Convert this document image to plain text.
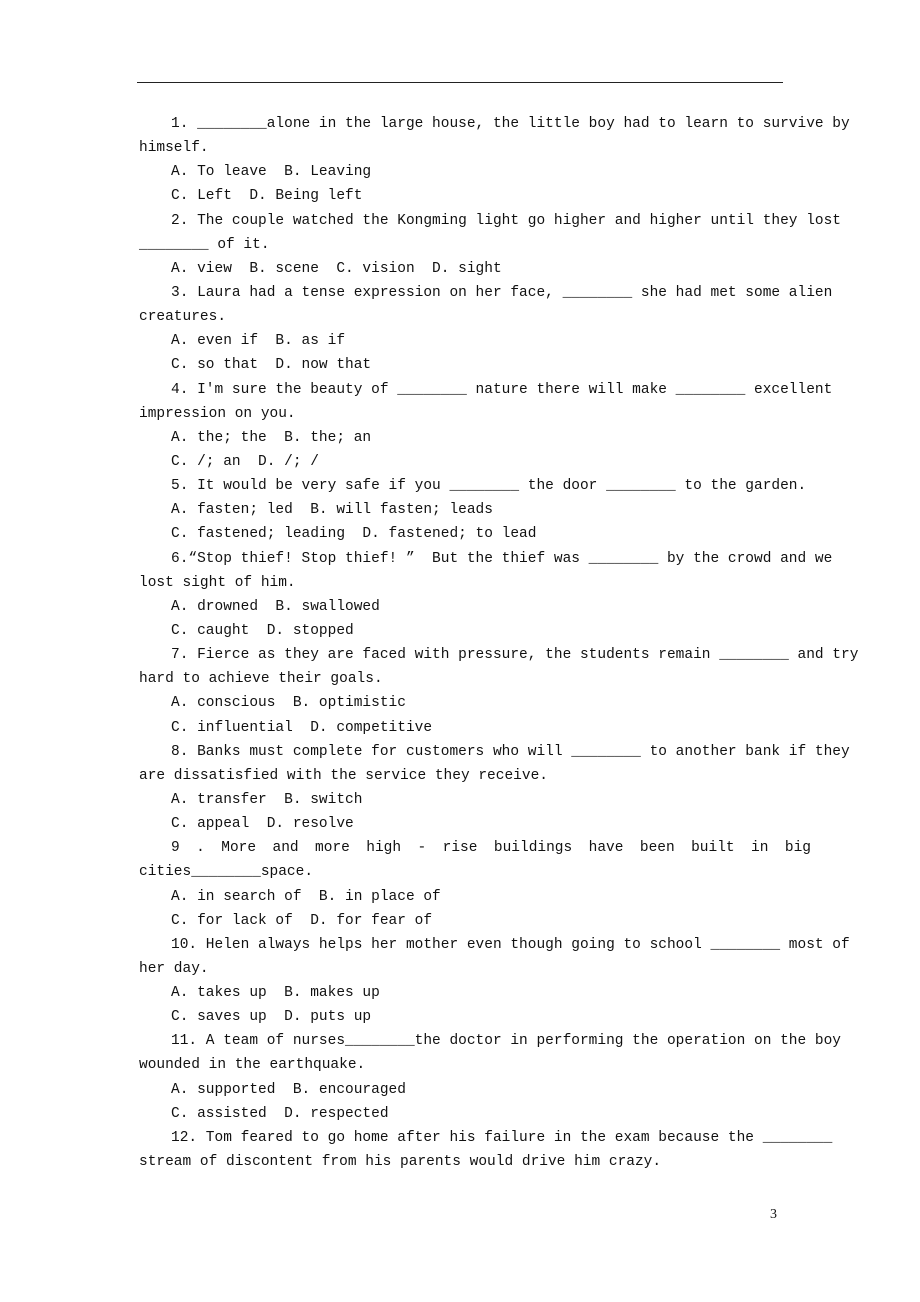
1. ________alone in the large house, the little boy had to learn to survive by
himself.
A. To leave  B. Leaving
C. Left  D. Being left
2. The couple watched the Kongming light go higher and higher until they lost
________ of it.
A. view  B. scene  C. vision  D. sight
3. Laura had a tense expression on her face, ________ she had met some alien
creatures.
A. even if  B. as if
C. so that  D. now that
4. I'm sure the beauty of ________ nature there will make ________ excellent
impression on you.
A. the; the  B. the; an
C. /; an  D. /; /
5. It would be very safe if you ________ the door ________ to the garden.
A. fasten; led  B. will fasten; leads
C. fastened; leading  D. fastened; to lead
6.“Stop thief! Stop thief! ”  But the thief was ________ by the crowd and we
lost sight of him.
A. drowned  B. swallowed
C. caught  D. stopped
7. Fierce as they are faced with pressure, the students remain ________ and try
hard to achieve their goals.
A. conscious  B. optimistic
C. influential  D. competitive
8. Banks must complete for customers who will ________ to another bank if they
are dissatisfied with the service they receive.
A. transfer  B. switch
C. appeal  D. resolve
9 . More and more high - rise buildings have been built in big
cities________space.
A. in search of  B. in place of
C. for lack of  D. for fear of
10. Helen always helps her mother even though going to school ________ most of
her day.
A. takes up  B. makes up
C. saves up  D. puts up
11. A team of nurses________the doctor in performing the operation on the boy
wounded in the earthquake.
A. supported  B. encouraged
C. assisted  D. respected
12. Tom feared to go home after his failure in the exam because the ________
stream of discontent from his parents would drive him crazy.
3
